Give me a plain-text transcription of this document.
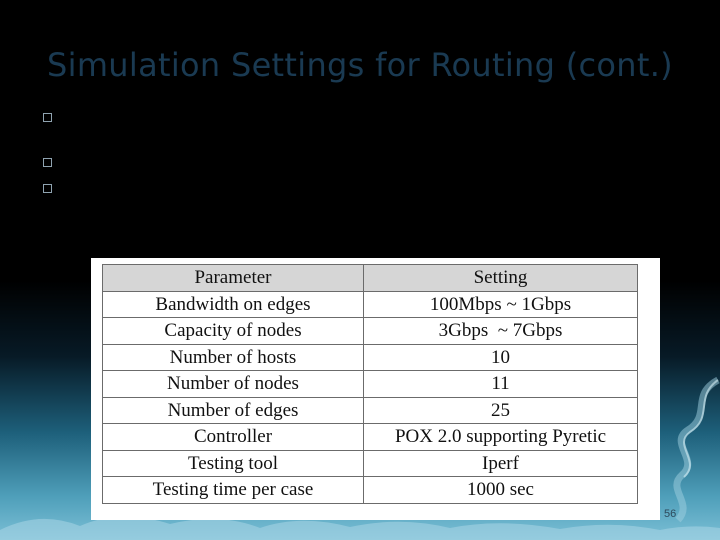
Simulation Settings for Routing (cont.)
Parameter	Setting
Bandwidth on edges	100Mbps ~ 1Gbps
Capacity of nodes	3Gbps  ~ 7Gbps
Number of hosts	10
Number of nodes	11
Number of edges	25
Controller	POX 2.0 supporting Pyretic
Testing tool	Iperf
Testing time per case	1000 sec
56
